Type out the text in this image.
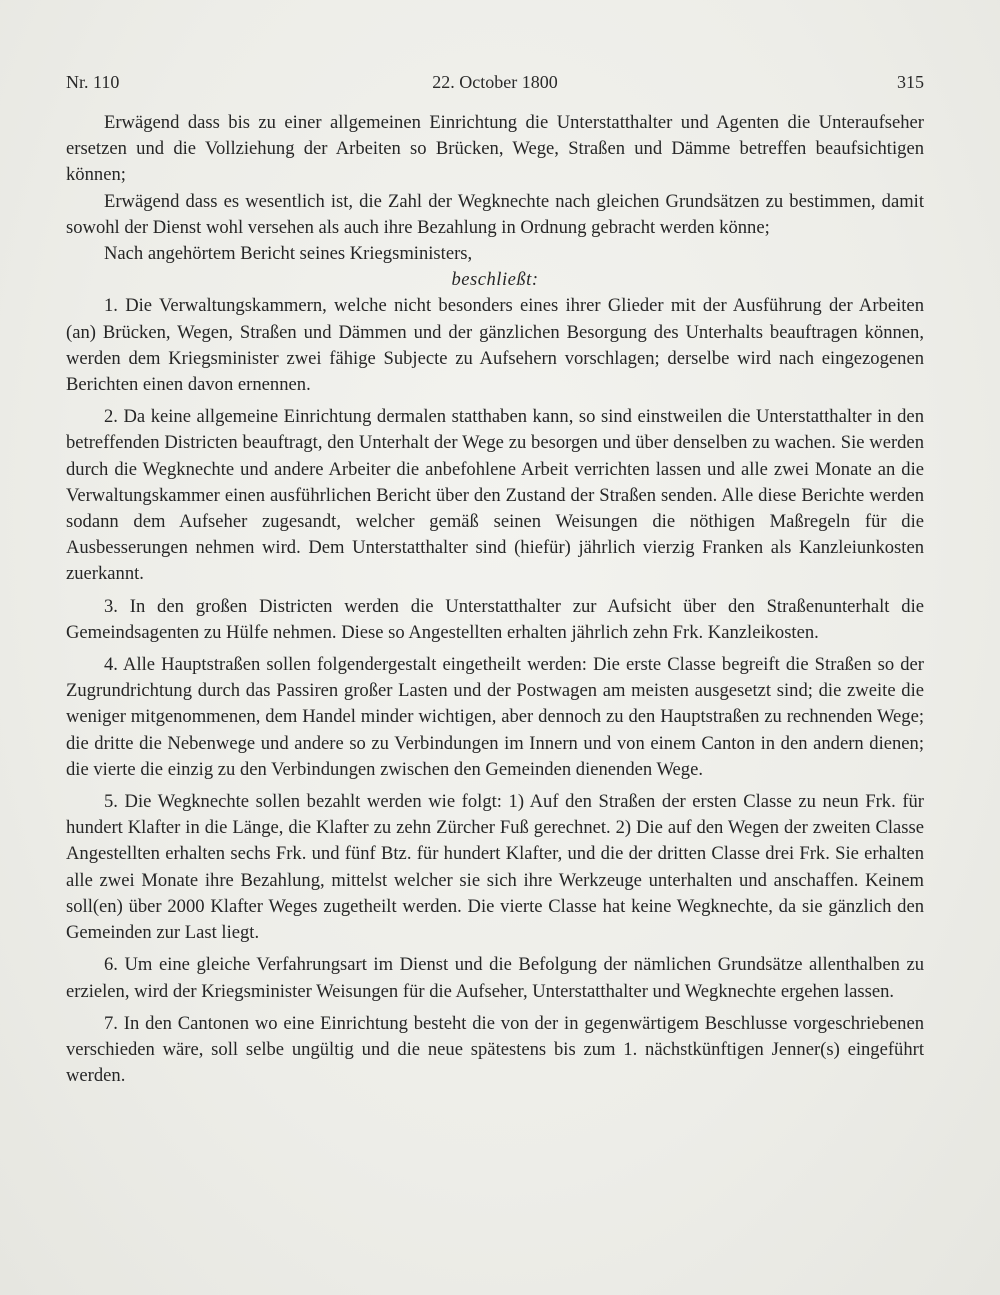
Nr. 110	22. October 1800	315

Erwägend dass bis zu einer allgemeinen Einrichtung die Unterstatthalter und Agenten die Unteraufseher ersetzen und die Vollziehung der Arbeiten so Brücken, Wege, Straßen und Dämme betreffen beaufsichtigen können;

Erwägend dass es wesentlich ist, die Zahl der Wegknechte nach gleichen Grundsätzen zu bestimmen, damit sowohl der Dienst wohl versehen als auch ihre Bezahlung in Ordnung gebracht werden könne;

Nach angehörtem Bericht seines Kriegsministers,

beschließt:

1. Die Verwaltungskammern, welche nicht besonders eines ihrer Glieder mit der Ausführung der Arbeiten (an) Brücken, Wegen, Straßen und Dämmen und der gänzlichen Besorgung des Unterhalts beauftragen können, werden dem Kriegsminister zwei fähige Subjecte zu Aufsehern vorschlagen; derselbe wird nach eingezogenen Berichten einen davon ernennen.

2. Da keine allgemeine Einrichtung dermalen statthaben kann, so sind einstweilen die Unterstatthalter in den betreffenden Districten beauftragt, den Unterhalt der Wege zu besorgen und über denselben zu wachen. Sie werden durch die Wegknechte und andere Arbeiter die anbefohlene Arbeit verrichten lassen und alle zwei Monate an die Verwaltungskammer einen ausführlichen Bericht über den Zustand der Straßen senden. Alle diese Berichte werden sodann dem Aufseher zugesandt, welcher gemäß seinen Weisungen die nöthigen Maßregeln für die Ausbesserungen nehmen wird. Dem Unterstatthalter sind (hiefür) jährlich vierzig Franken als Kanzleiunkosten zuerkannt.

3. In den großen Districten werden die Unterstatthalter zur Aufsicht über den Straßenunterhalt die Gemeindsagenten zu Hülfe nehmen. Diese so Angestellten erhalten jährlich zehn Frk. Kanzleikosten.

4. Alle Hauptstraßen sollen folgendergestalt eingetheilt werden: Die erste Classe begreift die Straßen so der Zugrundrichtung durch das Passiren großer Lasten und der Postwagen am meisten ausgesetzt sind; die zweite die weniger mitgenommenen, dem Handel minder wichtigen, aber dennoch zu den Hauptstraßen zu rechnenden Wege; die dritte die Nebenwege und andere so zu Verbindungen im Innern und von einem Canton in den andern dienen; die vierte die einzig zu den Verbindungen zwischen den Gemeinden dienenden Wege.

5. Die Wegknechte sollen bezahlt werden wie folgt: 1) Auf den Straßen der ersten Classe zu neun Frk. für hundert Klafter in die Länge, die Klafter zu zehn Zürcher Fuß gerechnet. 2) Die auf den Wegen der zweiten Classe Angestellten erhalten sechs Frk. und fünf Btz. für hundert Klafter, und die der dritten Classe drei Frk. Sie erhalten alle zwei Monate ihre Bezahlung, mittelst welcher sie sich ihre Werkzeuge unterhalten und anschaffen. Keinem soll(en) über 2000 Klafter Weges zugetheilt werden. Die vierte Classe hat keine Wegknechte, da sie gänzlich den Gemeinden zur Last liegt.

6. Um eine gleiche Verfahrungsart im Dienst und die Befolgung der nämlichen Grundsätze allenthalben zu erzielen, wird der Kriegsminister Weisungen für die Aufseher, Unterstatthalter und Wegknechte ergehen lassen.

7. In den Cantonen wo eine Einrichtung besteht die von der in gegenwärtigem Beschlusse vorgeschriebenen verschieden wäre, soll selbe ungültig und die neue spätestens bis zum 1. nächstkünftigen Jenner(s) eingeführt werden.
